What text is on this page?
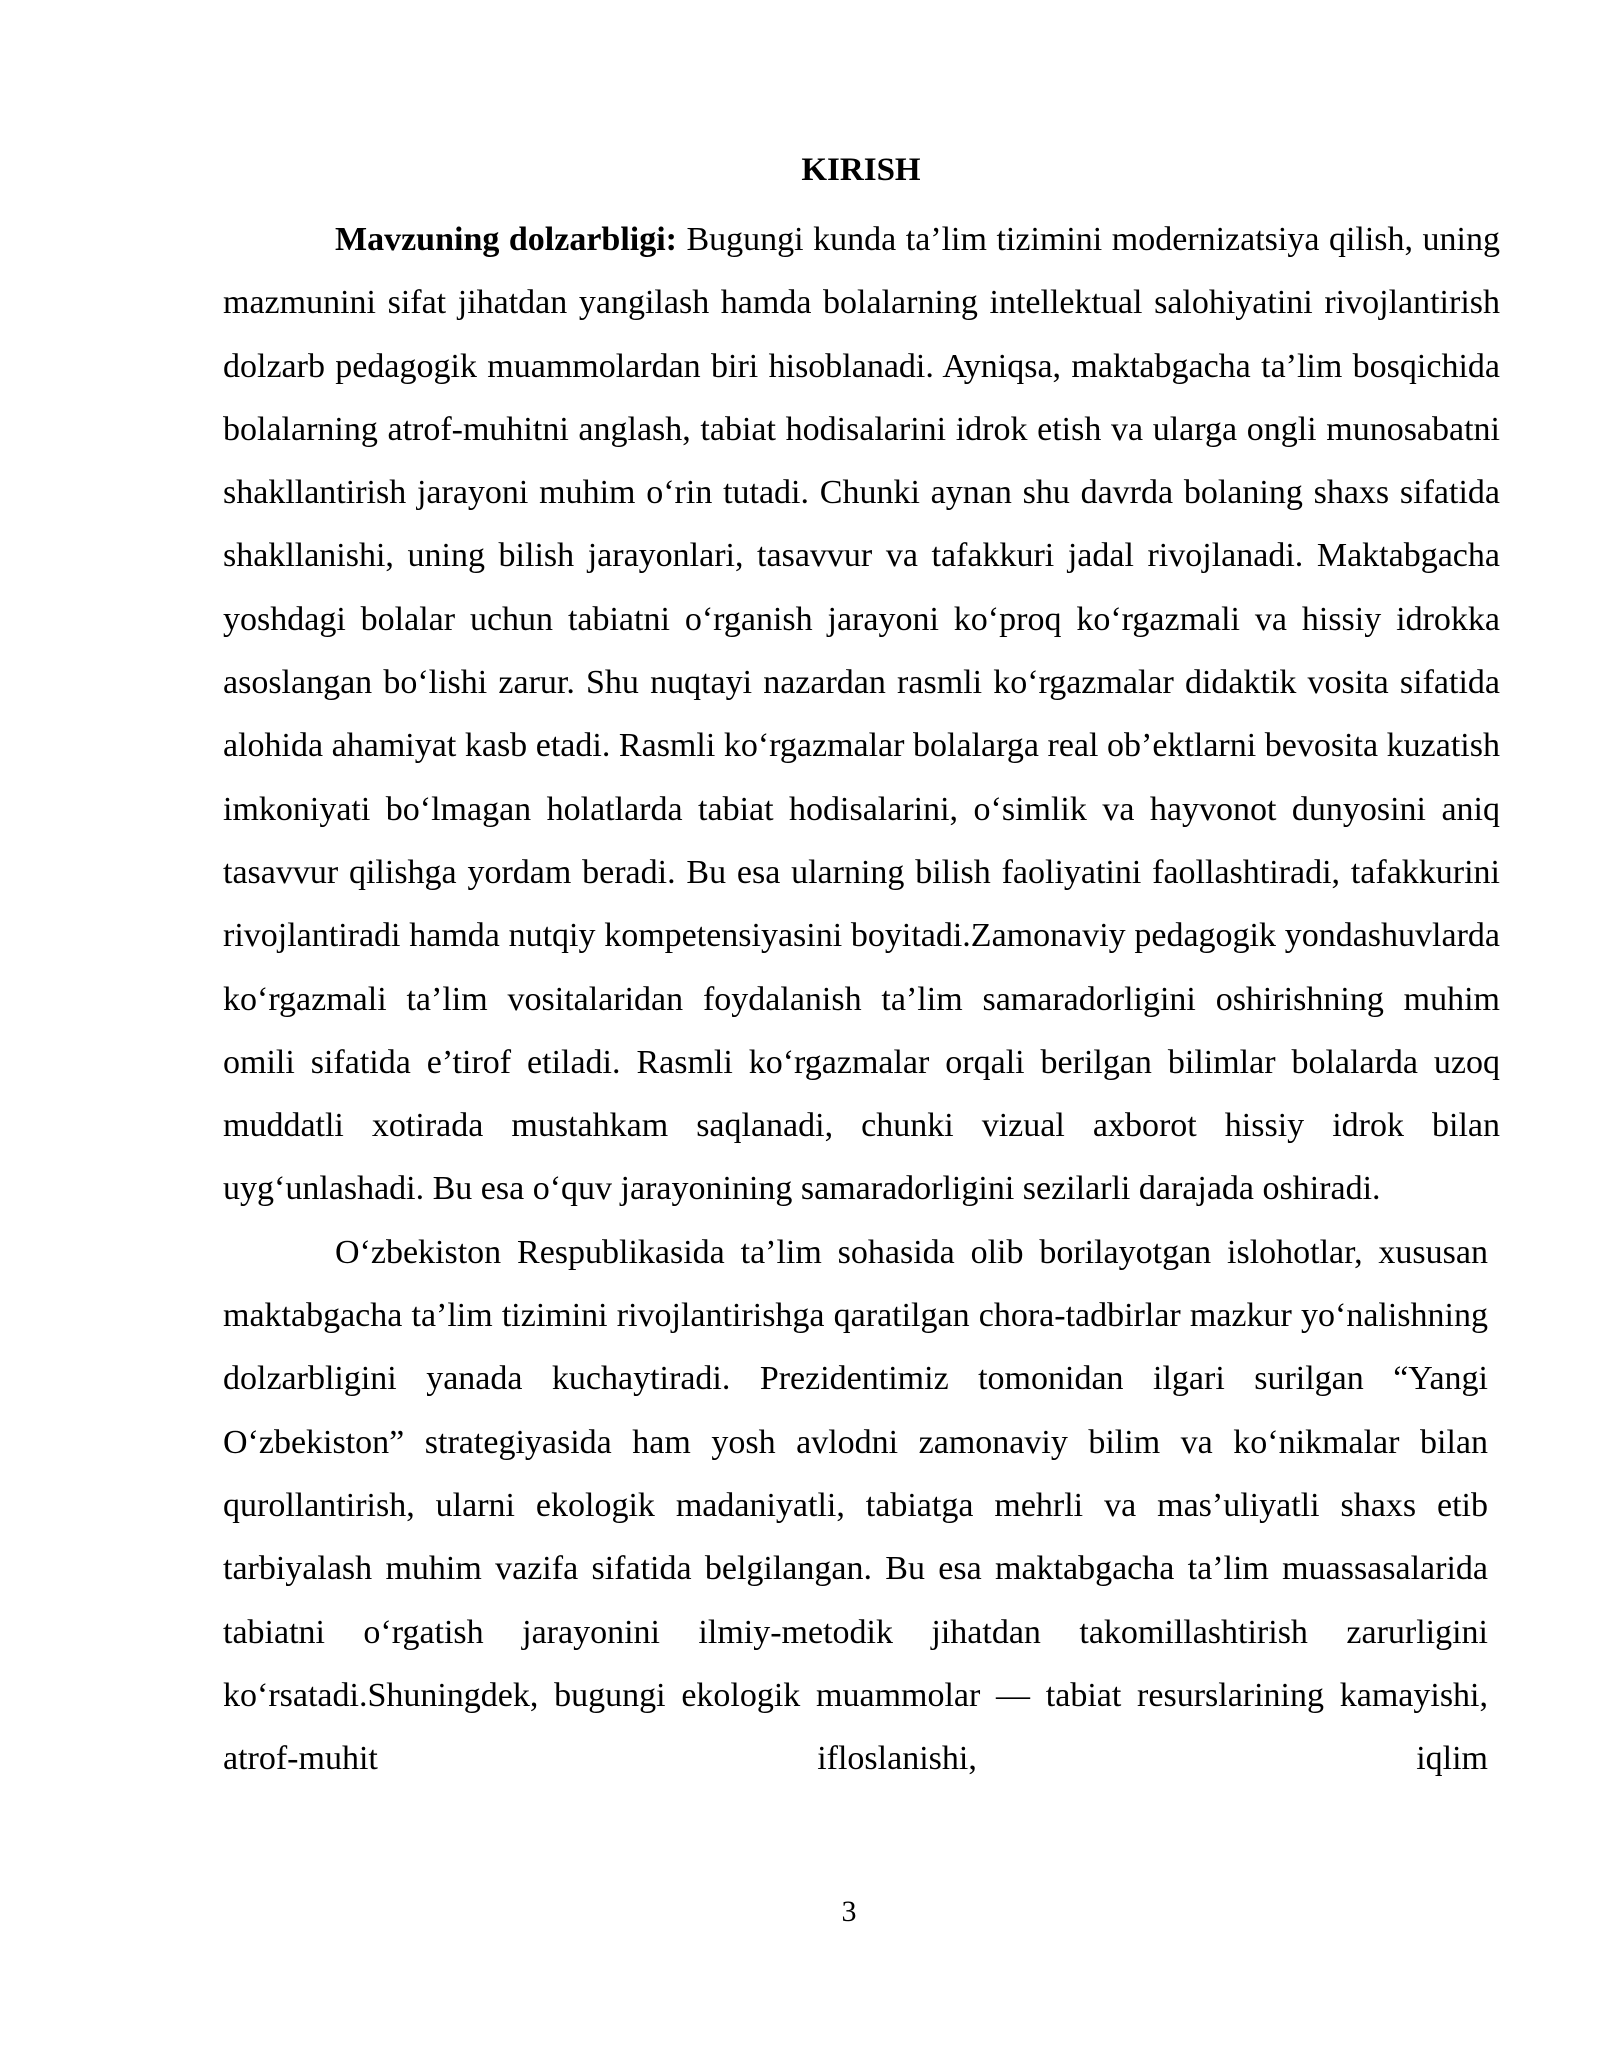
KIRISH

Mavzuning dolzarbligi: Bugungi kunda ta’lim tizimini modernizatsiya qilish, uning mazmunini sifat jihatdan yangilash hamda bolalarning intellektual salohiyatini rivojlantirish dolzarb pedagogik muammolardan biri hisoblanadi. Ayniqsa, maktabgacha ta’lim bosqichida bolalarning atrof-muhitni anglash, tabiat hodisalarini idrok etish va ularga ongli munosabatni shakllantirish jarayoni muhim o‘rin tutadi. Chunki aynan shu davrda bolaning shaxs sifatida shakllanishi, uning bilish jarayonlari, tasavvur va tafakkuri jadal rivojlanadi. Maktabgacha yoshdagi bolalar uchun tabiatni o‘rganish jarayoni ko‘proq ko‘rgazmali va hissiy idrokka asoslangan bo‘lishi zarur. Shu nuqtayi nazardan rasmli ko‘rgazmalar didaktik vosita sifatida alohida ahamiyat kasb etadi. Rasmli ko‘rgazmalar bolalarga real ob’ektlarni bevosita kuzatish imkoniyati bo‘lmagan holatlarda tabiat hodisalarini, o‘simlik va hayvonot dunyosini aniq tasavvur qilishga yordam beradi. Bu esa ularning bilish faoliyatini faollashtiradi, tafakkurini rivojlantiradi hamda nutqiy kompetensiyasini boyitadi.Zamonaviy pedagogik yondashuvlarda ko‘rgazmali ta’lim vositalaridan foydalanish ta’lim samaradorligini oshirishning muhim omili sifatida e’tirof etiladi. Rasmli ko‘rgazmalar orqali berilgan bilimlar bolalarda uzoq muddatli xotirada mustahkam saqlanadi, chunki vizual axborot hissiy idrok bilan uyg‘unlashadi. Bu esa o‘quv jarayonining samaradorligini sezilarli darajada oshiradi.

O‘zbekiston Respublikasida ta’lim sohasida olib borilayotgan islohotlar, xususan maktabgacha ta’lim tizimini rivojlantirishga qaratilgan chora-tadbirlar mazkur yo‘nalishning dolzarbligini yanada kuchaytiradi. Prezidentimiz tomonidan ilgari surilgan “Yangi O‘zbekiston” strategiyasida ham yosh avlodni zamonaviy bilim va ko‘nikmalar bilan qurollantirish, ularni ekologik madaniyatli, tabiatga mehrli va mas’uliyatli shaxs etib tarbiyalash muhim vazifa sifatida belgilangan. Bu esa maktabgacha ta’lim muassasalarida tabiatni o‘rgatish jarayonini ilmiy-metodik jihatdan takomillashtirish zarurligini ko‘rsatadi.Shuningdek, bugungi ekologik muammolar — tabiat resurslarining kamayishi, atrof-muhit ifloslanishi, iqlim

3
